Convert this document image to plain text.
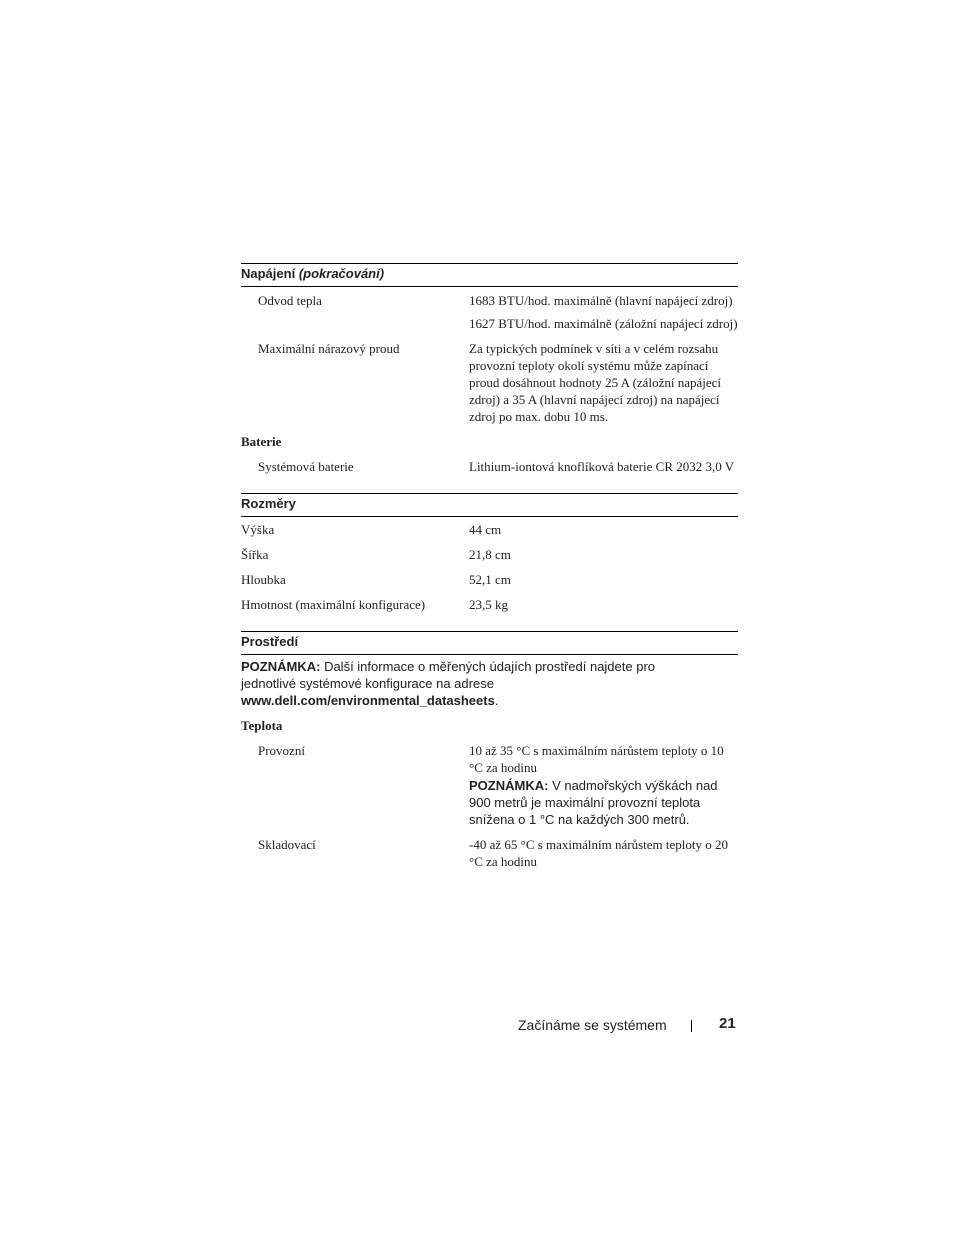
Napájení (pokračování)
Odvod tepla	1683 BTU/hod. maximálně (hlavní napájecí zdroj)
1627 BTU/hod. maximálně (záložní napájecí zdroj)
Maximální nárazový proud	Za typických podmínek v síti a v celém rozsahu provozní teploty okolí systému může zapínací proud dosáhnout hodnoty 25 A (záložní napájecí zdroj) a 35 A (hlavní napájecí zdroj) na napájecí zdroj po max. dobu 10 ms.
Baterie
Systémová baterie	Lithium-iontová knoflíková baterie CR 2032 3,0 V
Rozměry
Výška	44 cm
Šířka	21,8 cm
Hloubka	52,1 cm
Hmotnost (maximální konfigurace)	23,5 kg
Prostředí
POZNÁMKA: Další informace o měřených údajích prostředí najdete pro jednotlivé systémové konfigurace na adrese www.dell.com/environmental_datasheets.
Teplota
Provozní	10 až 35 °C s maximálním nárůstem teploty o 10 °C za hodinu
POZNÁMKA: V nadmořských výškách nad 900 metrů je maximální provozní teplota snížena o 1 °C na každých 300 metrů.
Skladovací	-40 až 65 °C s maximálním nárůstem teploty o 20 °C za hodinu
Začínáme se systémem	21
